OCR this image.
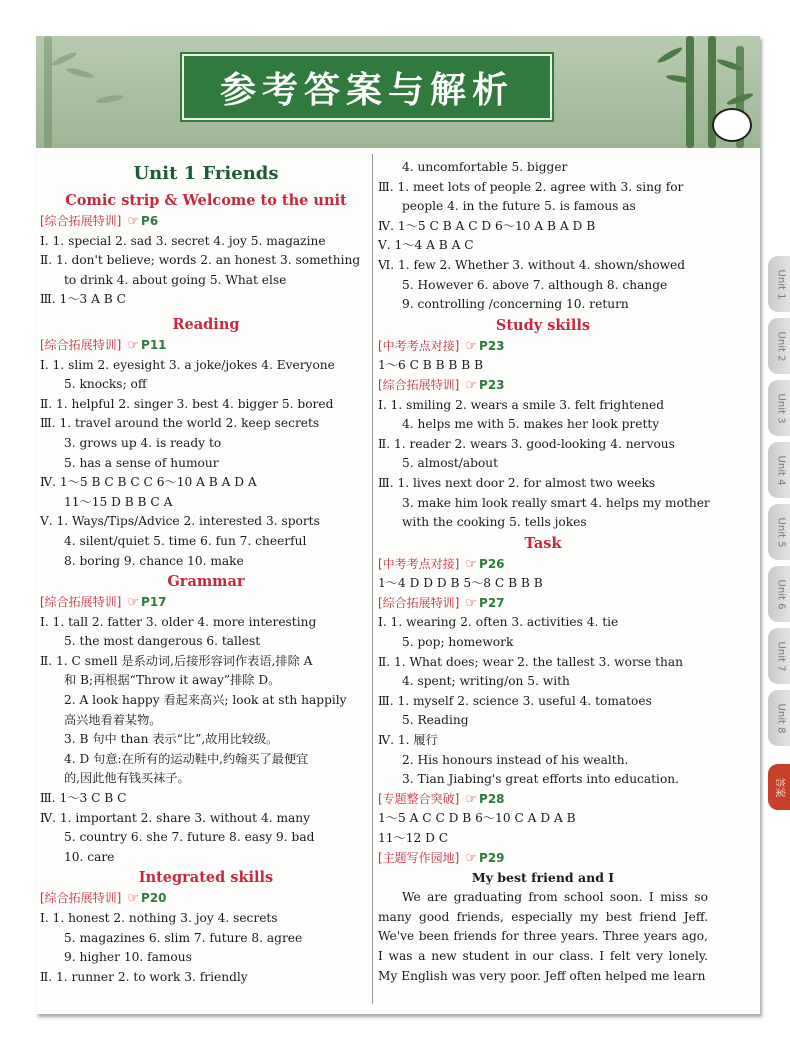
参考答案与解析
Unit 1 Friends
Comic strip & Welcome to the unit
[综合拓展特训] ☞ P6
Ⅰ. 1. special 2. sad 3. secret 4. joy 5. magazine
Ⅱ. 1. don't believe; words 2. an honest 3. something
to drink 4. about going 5. What else
Ⅲ. 1～3 A B C
Reading
[综合拓展特训] ☞ P11
Ⅰ. 1. slim 2. eyesight 3. a joke/jokes 4. Everyone
5. knocks; off
Ⅱ. 1. helpful 2. singer 3. best 4. bigger 5. bored
Ⅲ. 1. travel around the world 2. keep secrets
3. grows up 4. is ready to
5. has a sense of humour
Ⅳ. 1～5 B C B C C 6～10 A B A D A
11～15 D B B C A
Ⅴ. 1. Ways/Tips/Advice 2. interested 3. sports
4. silent/quiet 5. time 6. fun 7. cheerful
8. boring 9. chance 10. make
Grammar
[综合拓展特训] ☞ P17
Ⅰ. 1. tall 2. fatter 3. older 4. more interesting
5. the most dangerous 6. tallest
Ⅱ. 1. C smell 是系动词,后接形容词作表语,排除 A
和 B;再根据“Throw it away”排除 D。
2. A look happy 看起来高兴; look at sth happily
高兴地看着某物。
3. B 句中 than 表示“比”,故用比较级。
4. D 句意:在所有的运动鞋中,约翰买了最便宜
的,因此他有钱买袜子。
Ⅲ. 1～3 C B C
Ⅳ. 1. important 2. share 3. without 4. many
5. country 6. she 7. future 8. easy 9. bad
10. care
Integrated skills
[综合拓展特训] ☞ P20
Ⅰ. 1. honest 2. nothing 3. joy 4. secrets
5. magazines 6. slim 7. future 8. agree
9. higher 10. famous
Ⅱ. 1. runner 2. to work 3. friendly
4. uncomfortable 5. bigger
Ⅲ. 1. meet lots of people 2. agree with 3. sing for
people 4. in the future 5. is famous as
Ⅳ. 1～5 C B A C D 6～10 A B A D B
Ⅴ. 1～4 A B A C
Ⅵ. 1. few 2. Whether 3. without 4. shown/showed
5. However 6. above 7. although 8. change
9. controlling /concerning 10. return
Study skills
[中考考点对接] ☞ P23
1～6 C B B B B B
[综合拓展特训] ☞ P23
Ⅰ. 1. smiling 2. wears a smile 3. felt frightened
4. helps me with 5. makes her look pretty
Ⅱ. 1. reader 2. wears 3. good-looking 4. nervous
5. almost/about
Ⅲ. 1. lives next door 2. for almost two weeks
3. make him look really smart 4. helps my mother
with the cooking 5. tells jokes
Task
[中考考点对接] ☞ P26
1～4 D D D B 5～8 C B B B
[综合拓展特训] ☞ P27
Ⅰ. 1. wearing 2. often 3. activities 4. tie
5. pop; homework
Ⅱ. 1. What does; wear 2. the tallest 3. worse than
4. spent; writing/on 5. with
Ⅲ. 1. myself 2. science 3. useful 4. tomatoes
5. Reading
Ⅳ. 1. 履行
2. His honours instead of his wealth.
3. Tian Jiabing's great efforts into education.
[专题整合突破] ☞ P28
1～5 A C C D B 6～10 C A D A B
11～12 D C
[主题写作园地] ☞ P29
My best friend and I
We are graduating from school soon. I miss so many good friends, especially my best friend Jeff. We've been friends for three years. Three years ago, I was a new student in our class. I felt very lonely. My English was very poor. Jeff often helped me learn
Unit 1
Unit 2
Unit 3
Unit 4
Unit 5
Unit 6
Unit 7
Unit 8
答案
